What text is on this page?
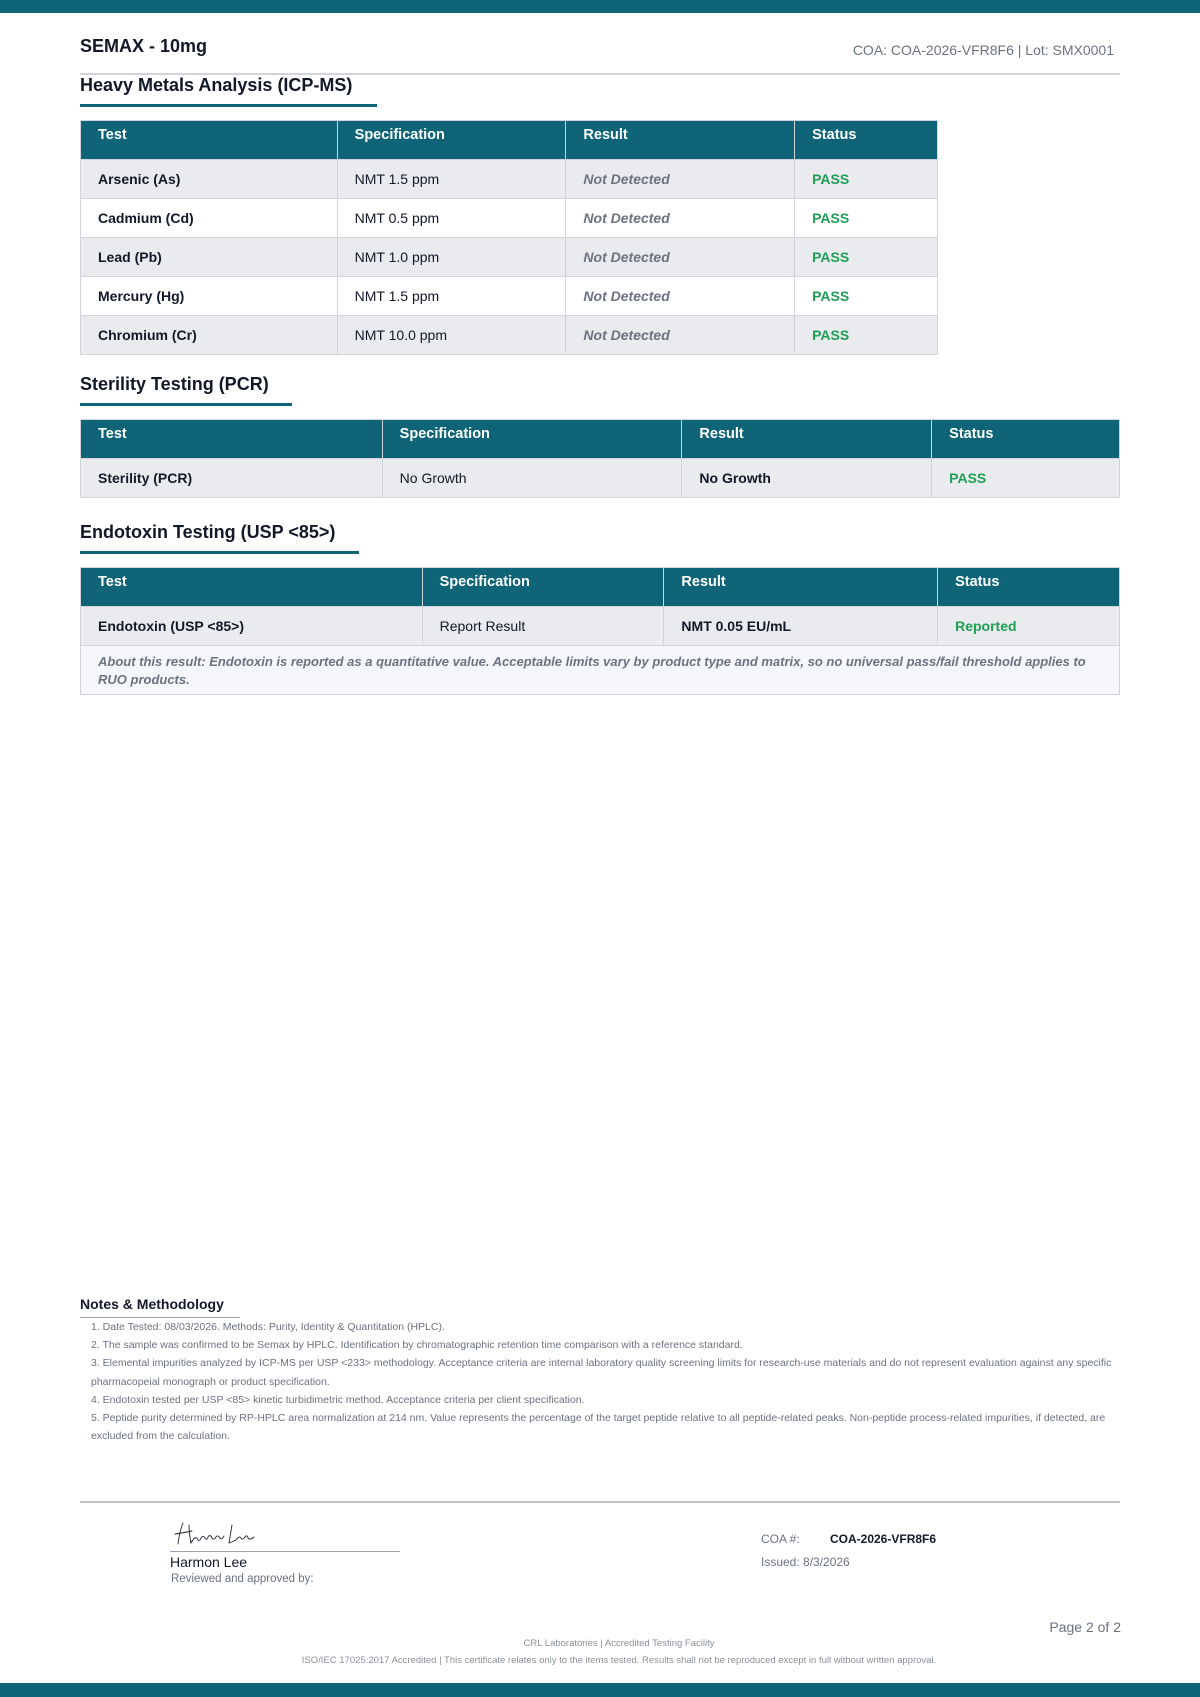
SEMAX - 10mg	COA: COA-2026-VFR8F6 | Lot: SMX0001
Heavy Metals Analysis (ICP-MS)
Test	Specification	Result	Status
Arsenic (As)	NMT 1.5 ppm	Not Detected	PASS
Cadmium (Cd)	NMT 0.5 ppm	Not Detected	PASS
Lead (Pb)	NMT 1.0 ppm	Not Detected	PASS
Mercury (Hg)	NMT 1.5 ppm	Not Detected	PASS
Chromium (Cr)	NMT 10.0 ppm	Not Detected	PASS
Sterility Testing (PCR)
Test	Specification	Result	Status
Sterility (PCR)	No Growth	No Growth	PASS
Endotoxin Testing (USP <85>)
Test	Specification	Result	Status
Endotoxin (USP <85>)	Report Result	NMT 0.05 EU/mL	Reported
About this result: Endotoxin is reported as a quantitative value. Acceptable limits vary by product type and matrix, so no universal pass/fail threshold applies to RUO products.			
Notes & Methodology
1. Date Tested: 08/03/2026. Methods: Purity, Identity & Quantitation (HPLC).
2. The sample was confirmed to be Semax by HPLC. Identification by chromatographic retention time comparison with a reference standard.
3. Elemental impurities analyzed by ICP-MS per USP <233> methodology. Acceptance criteria are internal laboratory quality screening limits for research-use materials and do not represent evaluation against any specific pharmacopeial monograph or product specification.
4. Endotoxin tested per USP <85> kinetic turbidimetric method. Acceptance criteria per client specification.
5. Peptide purity determined by RP-HPLC area normalization at 214 nm. Value represents the percentage of the target peptide relative to all peptide-related peaks. Non-peptide process-related impurities, if detected, are excluded from the calculation.
Harmon Lee
Reviewed and approved by:
COA #:	COA-2026-VFR8F6
Issued: 8/3/2026
Page 2 of 2
CRL Laboratories | Accredited Testing Facility
ISO/IEC 17025:2017 Accredited | This certificate relates only to the items tested. Results shall not be reproduced except in full without written approval.
